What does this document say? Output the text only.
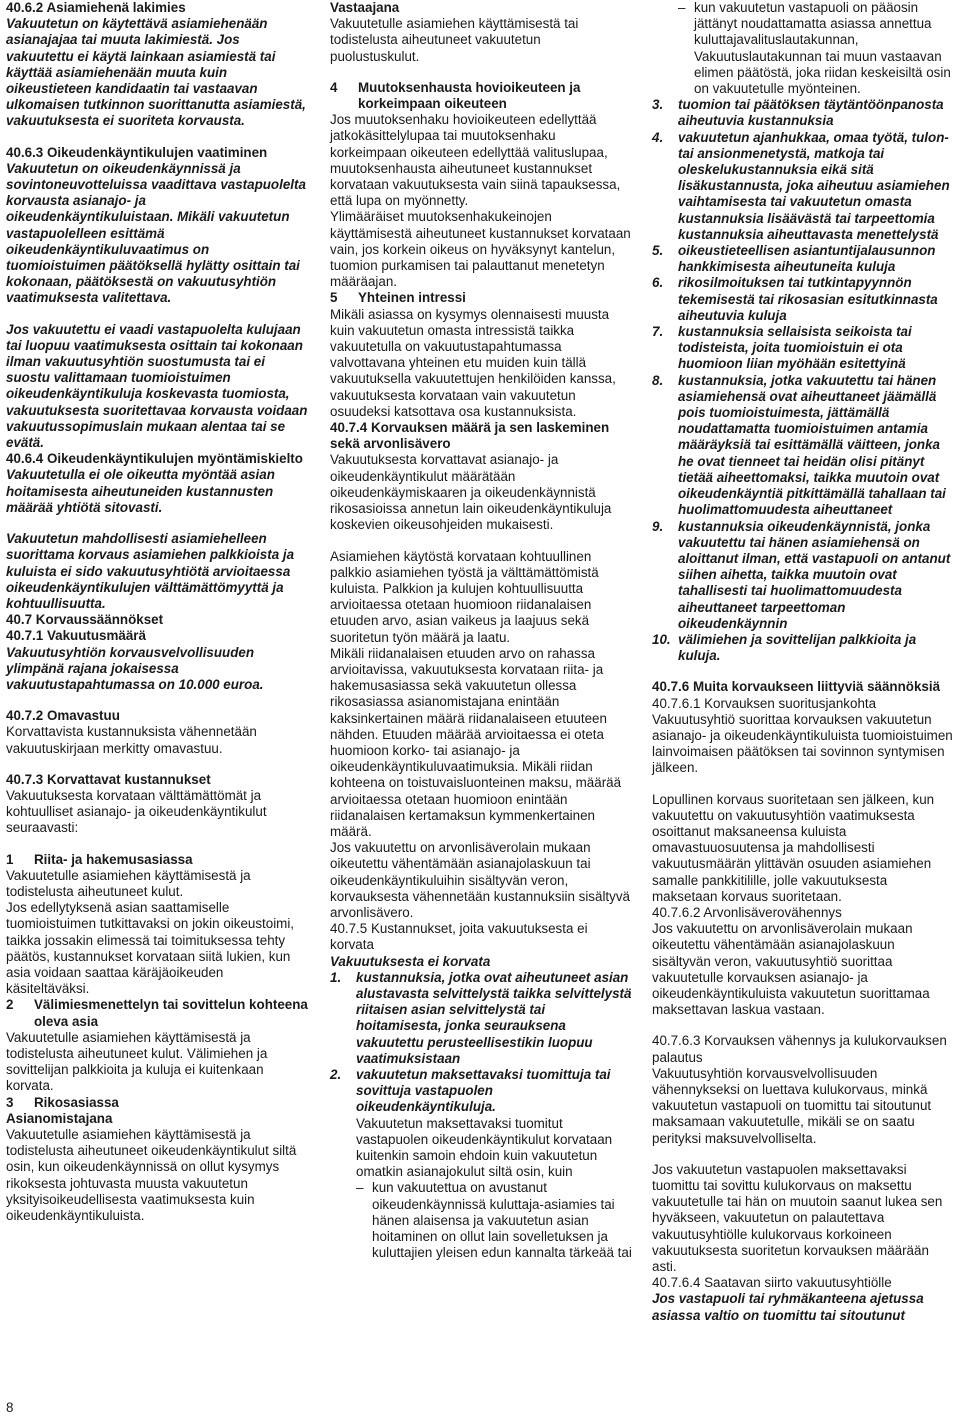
40.6.2 Asiamiehenä lakimies

Vakuutetun on käytettävä asiamiehenään asianajajaa tai muuta lakimiestä. Jos vakuutettu ei käytä lainkaan asiamiestä tai käyttää asiamiehenään muuta kuin oikeustieteen kandidaatin tai vastaavan ulkomaisen tutkinnon suorittanutta asiamiestä, vakuutuksesta ei suoriteta korvausta.

40.6.3 Oikeudenkäyntikulujen vaatiminen

Vakuutetun on oikeudenkäynnissä ja sovintoneuvotteluissa vaadittava vastapuolelta korvausta asianajo- ja oikeudenkäyntikuluistaan. Mikäli vakuutetun vastapuolelleen esittämä oikeudenkäyntikuluvaatimus on tuomioistuimen päätöksellä hylätty osittain tai kokonaan, päätöksestä on vakuutusyhtiön vaatimuksesta valitettava.

Jos vakuutettu ei vaadi vastapuolelta kulujaan tai luopuu vaatimuksesta osittain tai kokonaan ilman vakuutusyhtiön suostumusta tai ei suostu valittamaan tuomioistuimen oikeudenkäyntikuluja koskevasta tuomiosta, vakuutuksesta suoritettavaa korvausta voidaan vakuutussopimuslain mukaan alentaa tai se evätä.

40.6.4 Oikeudenkäyntikulujen myöntämiskielto

Vakuutetulla ei ole oikeutta myöntää asian hoitamisesta aiheutuneiden kustannusten määrää yhtiötä sitovasti.

Vakuutetun mahdollisesti asiamiehelleen suorittama korvaus asiamiehen palkkioista ja kuluista ei sido vakuutusyhtiötä arvioitaessa oikeudenkäyntikulujen välttämättömyyttä ja kohtuullisuutta.

40.7 Korvaussäännökset

40.7.1 Vakuutusmäärä

Vakuutusyhtiön korvausvelvollisuuden ylimpänä rajana jokaisessa vakuutustapahtumassa on 10.000 euroa.

40.7.2 Omavastuu

Korvattavista kustannuksista vähennetään vakuutuskirjaan merkitty omavastuu.

40.7.3 Korvattavat kustannukset

Vakuutuksesta korvataan välttämättömät ja kohtuulliset asianajo- ja oikeudenkäyntikulut seuraavasti:

1	Riita- ja hakemusasiassa

Vakuutetulle asiamiehen käyttämisestä ja todistelusta aiheutuneet kulut.

Jos edellytyksenä asian saattamiselle tuomioistuimen tutkittavaksi on jokin oikeustoimi, taikka jossakin elimessä tai toimituksessa tehty päätös, kustannukset korvataan siitä lukien, kun asia voidaan saattaa käräjäoikeuden käsiteltäväksi.

2	Välimiesmenettelyn tai sovittelun kohteena oleva asia

Vakuutetulle asiamiehen käyttämisestä ja todistelusta aiheutuneet kulut. Välimiehen ja sovittelijan palkkioita ja kuluja ei kuitenkaan korvata.

3	Rikosasiassa

Asianomistajana

Vakuutetulle asiamiehen käyttämisestä ja todistelusta aiheutuneet oikeudenkäyntikulut siltä osin, kun oikeudenkäynnissä on ollut kysymys rikoksesta johtuvasta muusta vakuutetun yksityisoikeudellisesta vaatimuksesta kuin oikeudenkäyntikuluista.

Vastaajana

Vakuutetulle asiamiehen käyttämisestä tai todistelusta aiheutuneet vakuutetun puolustuskulut.

4	Muutoksenhausta hovioikeuteen ja korkeimpaan oikeuteen

Jos muutoksenhaku hovioikeuteen edellyttää jatkokäsittelylupaa tai muutoksenhaku korkeimpaan oikeuteen edellyttää valituslupaa, muutoksenhausta aiheutuneet kustannukset korvataan vakuutuksesta vain siinä tapauksessa, että lupa on myönnetty.

Ylimääräiset muutoksenhakukeinojen käyttämisestä aiheutuneet kustannukset korvataan vain, jos korkein oikeus on hyväksynyt kantelun, tuomion purkamisen tai palauttanut menetetyn määräajan.

5	Yhteinen intressi

Mikäli asiassa on kysymys olennaisesti muusta kuin vakuutetun omasta intressistä taikka vakuutetulla on vakuutustapahtumassa valvottavana yhteinen etu muiden kuin tällä vakuutuksella vakuutettujen henkilöiden kanssa, vakuutuksesta korvataan vain vakuutetun osuudeksi katsottava osa kustannuksista.

40.7.4 Korvauksen määrä ja sen laskeminen sekä arvonlisävero

Vakuutuksesta korvattavat asianajo- ja oikeudenkäyntikulut määrätään oikeudenkäymiskaaren ja oikeudenkäynnistä rikosasioissa annetun lain oikeudenkäyntikuluja koskevien oikeusohjeiden mukaisesti.

Asiamiehen käytöstä korvataan kohtuullinen palkkio asiamiehen työstä ja välttämättömistä kuluista. Palkkion ja kulujen kohtuullisuutta arvioitaessa otetaan huomioon riidanalaisen etuuden arvo, asian vaikeus ja laajuus sekä suoritetun työn määrä ja laatu.

Mikäli riidanalaisen etuuden arvo on rahassa arvioitavissa, vakuutuksesta korvataan riita- ja hakemusasiassa sekä vakuutetun ollessa rikosasiassa asianomistajana enintään kaksinkertainen määrä riidanalaiseen etuuteen nähden. Etuuden määrää arvioitaessa ei oteta huomioon korko- tai asianajo- ja oikeudenkäyntikuluvaatimuksia. Mikäli riidan kohteena on toistuvaisluonteinen maksu, määrää arvioitaessa otetaan huomioon enintään riidanalaisen kertamaksun kymmenkertainen määrä.

Jos vakuutettu on arvonlisäverolain mukaan oikeutettu vähentämään asianajolaskuun tai oikeudenkäyntikuluihin sisältyvän veron, korvauksesta vähennetään kustannuksiin sisältyvä arvonlisävero.

40.7.5 Kustannukset, joita vakuutuksesta ei korvata

Vakuutuksesta ei korvata

1.	kustannuksia, jotka ovat aiheutuneet asian alustavasta selvittelystä taikka selvittelystä riitaisen asian selvittelystä tai hoitamisesta, jonka seurauksena vakuutettu perusteellisestikin luopuu vaatimuksistaan
2.	vakuutetun maksettavaksi tuomittuja tai sovittuja vastapuolen oikeudenkäyntikuluja.
Vakuutetun maksettavaksi tuomitut vastapuolen oikeudenkäyntikulut korvataan kuitenkin samoin ehdoin kuin vakuutetun omatkin asianajokulut siltä osin, kuin
– kun vakuutettua on avustanut oikeudenkäynnissä kuluttaja-asiamies tai hänen alaisensa ja vakuutetun asian hoitaminen on ollut lain sovelletuksen ja kuluttajien yleisen edun kannalta tärkeää tai
– kun vakuutetun vastapuoli on pääosin jättänyt noudattamatta asiassa annettua kuluttajavalituslautakunnan, Vakuutuslautakunnan tai muun vastaavan elimen päätöstä, joka riidan keskeisiltä osin on vakuutetulle myönteinen.
3.	tuomion tai päätöksen täytäntöönpanosta aiheutuvia kustannuksia
4.	vakuutetun ajanhukkaa, omaa työtä, tulon- tai ansionmenetystä, matkoja tai oleskelukustannuksia eikä sitä lisäkustannusta, joka aiheutuu asiamiehen vaihtamisesta tai vakuutetun omasta kustannuksia lisäävästä tai tarpeettomia kustannuksia aiheuttavasta menettelystä
5.	oikeustieteellisen asiantuntijalausunnon hankkimisesta aiheutuneita kuluja
6.	rikosilmoituksen tai tutkintapyynnön tekemisestä tai rikosasian esitutkinnasta aiheutuvia kuluja
7.	kustannuksia sellaisista seikoista tai todisteista, joita tuomioistuin ei ota huomioon liian myöhään esitettyinä
8.	kustannuksia, jotka vakuutettu tai hänen asiamiehensä ovat aiheuttaneet jäämällä pois tuomioistuimesta, jättämällä noudattamatta tuomioistuimen antamia määräyksiä tai esittämällä väitteen, jonka he ovat tienneet tai heidän olisi pitänyt tietää aiheettomaksi, taikka muutoin ovat oikeudenkäyntiä pitkittämällä tahallaan tai huolimattomuudesta aiheuttaneet
9.	kustannuksia oikeudenkäynnistä, jonka vakuutettu tai hänen asiamiehensä on aloittanut ilman, että vastapuoli on antanut siihen aihetta, taikka muutoin ovat tahallisesti tai huolimattomuudesta aiheuttaneet tarpeettoman oikeudenkäynnin
10. välimiehen ja sovittelijan palkkioita ja kuluja.

40.7.6 Muita korvaukseen liittyviä säännöksiä

40.7.6.1 Korvauksen suoritusjankohta

Vakuutusyhtiö suorittaa korvauksen vakuutetun asianajo- ja oikeudenkäyntikuluista tuomioistuimen lainvoimaisen päätöksen tai sovinnon syntymisen jälkeen.

Lopullinen korvaus suoritetaan sen jälkeen, kun vakuutettu on vakuutusyhtiön vaatimuksesta osoittanut maksaneensa kuluista omavastuuosuutensa ja mahdollisesti vakuutusmäärän ylittävän osuuden asiamiehen samalle pankkitilille, jolle vakuutuksesta maksetaan korvaus suoritetaan.

40.7.6.2 Arvonlisäverovähennys

Jos vakuutettu on arvonlisäverolain mukaan oikeutettu vähentämään asianajolaskuun sisältyvän veron, vakuutusyhtiö suorittaa vakuutetulle korvauksen asianajo- ja oikeudenkäyntikuluista vakuutetun suorittamaa maksettavan laskua vastaan.

40.7.6.3 Korvauksen vähennys ja kulukorvauksen palautus

Vakuutusyhtiön korvausvelvollisuuden vähennykseksi on luettava kulukorvaus, minkä vakuutetun vastapuoli on tuomittu tai sitoutunut maksamaan vakuutetulle, mikäli se on saatu perityksi maksuvelvolliselta.

Jos vakuutetun vastapuolen maksettavaksi tuomittu tai sovittu kulukorvaus on maksettu vakuutetulle tai hän on muutoin saanut lukea sen hyväkseen, vakuutetun on palautettava vakuutusyhtiölle kulukorvaus korkoineen vakuutuksesta suoritetun korvauksen määrään asti.

40.7.6.4 Saatavan siirto vakuutusyhtiölle

Jos vastapuoli tai ryhmäkanteena ajetussa asiassa valtio on tuomittu tai sitoutunut

8
